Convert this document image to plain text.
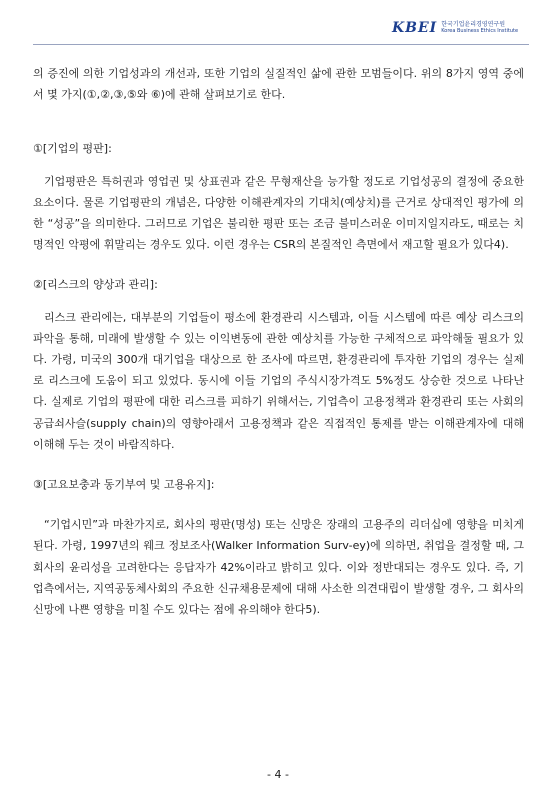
KBEI 한국기업윤리경영연구원
Korea Business Ethics Institute

의 증진에 의한 기업성과의 개선과, 또한 기업의 실질적인 삶에 관한 모범들이다. 위의 8가지 영역 중에서 몇 가지(①,②,③,⑤와 ⑥)에 관해 살펴보기로 한다.

①[기업의 평판]:

기업평판은 특허권과 영업권 및 상표권과 같은 무형재산을 능가할 정도로 기업성공의 결정에 중요한 요소이다. 물론 기업평판의 개념은, 다양한 이해관계자의 기대치(예상치)를 근거로 상대적인 평가에 의한 “성공”을 의미한다. 그러므로 기업은 불리한 평판 또는 조금 불미스러운 이미지일지라도, 때로는 치명적인 악평에 휘말리는 경우도 있다. 이런 경우는 CSR의 본질적인 측면에서 재고할 필요가 있다4).

②[리스크의 양상과 관리]:

리스크 관리에는, 대부분의 기업들이 평소에 환경관리 시스템과, 이들 시스템에 따른 예상 리스크의 파악을 통해, 미래에 발생할 수 있는 이익변동에 관한 예상치를 가능한 구체적으로 파악해둘 필요가 있다. 가령, 미국의 300개 대기업을 대상으로 한 조사에 따르면, 환경관리에 투자한 기업의 경우는 실제로 리스크에 도움이 되고 있었다. 동시에 이들 기업의 주식시장가격도 5%정도 상승한 것으로 나타난다. 실제로 기업의 평판에 대한 리스크를 피하기 위해서는, 기업측이 고용정책과 환경관리 또는 사회의 공급쇠사슬(supply chain)의 영향아래서 고용정책과 같은 직접적인 통제를 받는 이해관계자에 대해 이해해 두는 것이 바람직하다.

③[고요보충과 동기부여 및 고용유지]:

“기업시민”과 마찬가지로, 회사의 평판(명성) 또는 신망은 장래의 고용주의 리더십에 영향을 미치게 된다. 가령, 1997년의 웨크 정보조사(Walker Information Surv-ey)에 의하면, 취업을 결정할 때, 그 회사의 윤리성을 고려한다는 응답자가 42%이라고 밝히고 있다. 이와 정반대되는 경우도 있다. 즉, 기업측에서는, 지역공동체사회의 주요한 신규채용문제에 대해 사소한 의견대립이 발생할 경우, 그 회사의 신망에 나쁜 영향을 미칠 수도 있다는 점에 유의해야 한다5).

- 4 -
